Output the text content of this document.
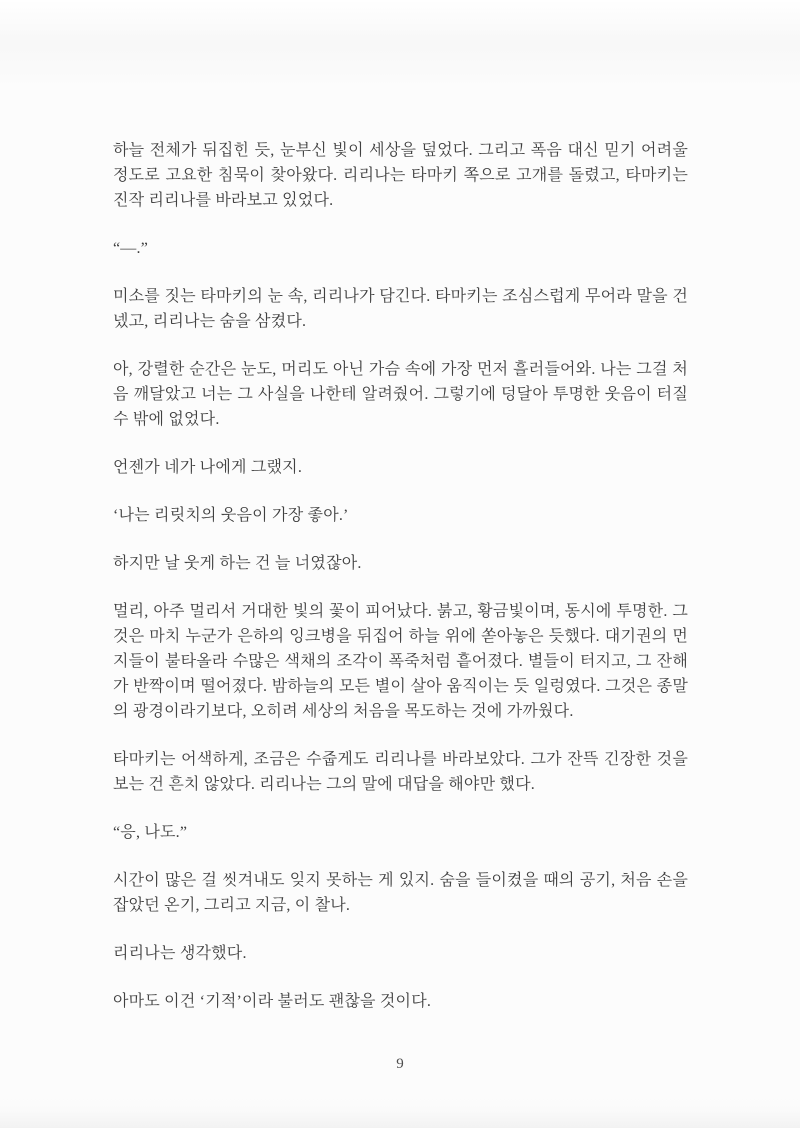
하늘 전체가 뒤집힌 듯, 눈부신 빛이 세상을 덮었다. 그리고 폭음 대신 믿기 어려울 정도로 고요한 침묵이 찾아왔다. 리리나는 타마키 쪽으로 고개를 돌렸고, 타마키는 진작 리리나를 바라보고 있었다.

“—.”

미소를 짓는 타마키의 눈 속, 리리나가 담긴다. 타마키는 조심스럽게 무어라 말을 건넸고, 리리나는 숨을 삼켰다.

아, 강렬한 순간은 눈도, 머리도 아닌 가슴 속에 가장 먼저 흘러들어와. 나는 그걸 처음 깨달았고 너는 그 사실을 나한테 알려줬어. 그렇기에 덩달아 투명한 웃음이 터질 수 밖에 없었다.

언젠가 네가 나에게 그랬지.

‘나는 리릿치의 웃음이 가장 좋아.’

하지만 날 웃게 하는 건 늘 너였잖아.

멀리, 아주 멀리서 거대한 빛의 꽃이 피어났다. 붉고, 황금빛이며, 동시에 투명한. 그것은 마치 누군가 은하의 잉크병을 뒤집어 하늘 위에 쏟아놓은 듯했다. 대기권의 먼지들이 불타올라 수많은 색채의 조각이 폭죽처럼 흩어졌다. 별들이 터지고, 그 잔해가 반짝이며 떨어졌다. 밤하늘의 모든 별이 살아 움직이는 듯 일렁였다. 그것은 종말의 광경이라기보다, 오히려 세상의 처음을 목도하는 것에 가까웠다.

타마키는 어색하게, 조금은 수줍게도 리리나를 바라보았다. 그가 잔뜩 긴장한 것을 보는 건 흔치 않았다. 리리나는 그의 말에 대답을 해야만 했다.

“응, 나도.”

시간이 많은 걸 씻겨내도 잊지 못하는 게 있지. 숨을 들이켰을 때의 공기, 처음 손을 잡았던 온기, 그리고 지금, 이 찰나.

리리나는 생각했다.

아마도 이건 ‘기적’이라 불러도 괜찮을 것이다.

9
